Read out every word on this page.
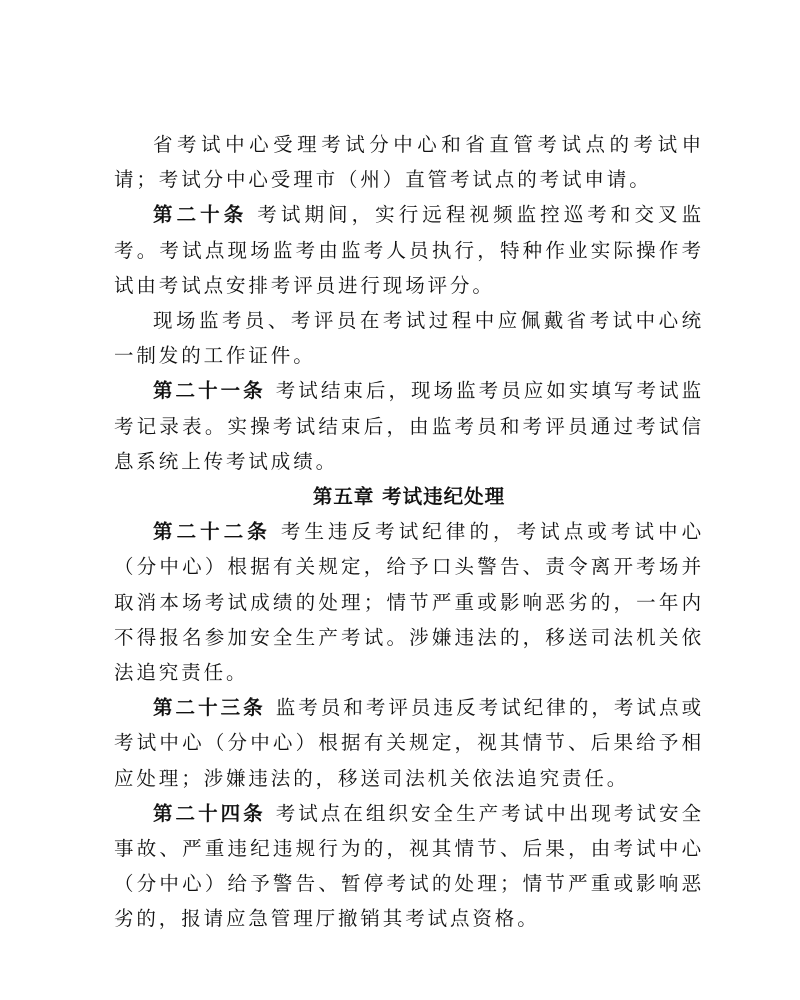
省考试中心受理考试分中心和省直管考试点的考试申请；考试分中心受理市（州）直管考试点的考试申请。

第二十条 考试期间，实行远程视频监控巡考和交叉监考。考试点现场监考由监考人员执行，特种作业实际操作考试由考试点安排考评员进行现场评分。

现场监考员、考评员在考试过程中应佩戴省考试中心统一制发的工作证件。

第二十一条 考试结束后，现场监考员应如实填写考试监考记录表。实操考试结束后，由监考员和考评员通过考试信息系统上传考试成绩。

第五章 考试违纪处理

第二十二条 考生违反考试纪律的，考试点或考试中心（分中心）根据有关规定，给予口头警告、责令离开考场并取消本场考试成绩的处理；情节严重或影响恶劣的，一年内不得报名参加安全生产考试。涉嫌违法的，移送司法机关依法追究责任。

第二十三条 监考员和考评员违反考试纪律的，考试点或考试中心（分中心）根据有关规定，视其情节、后果给予相应处理；涉嫌违法的，移送司法机关依法追究责任。

第二十四条 考试点在组织安全生产考试中出现考试安全事故、严重违纪违规行为的，视其情节、后果，由考试中心（分中心）给予警告、暂停考试的处理；情节严重或影响恶劣的，报请应急管理厅撤销其考试点资格。
